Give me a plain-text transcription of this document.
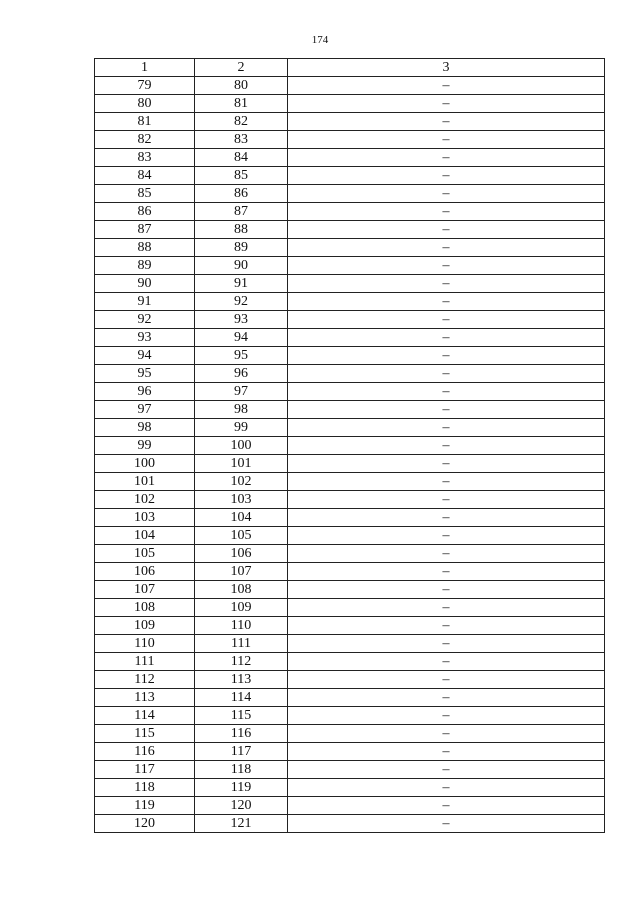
174
1	2	3
79	80	–
80	81	–
81	82	–
82	83	–
83	84	–
84	85	–
85	86	–
86	87	–
87	88	–
88	89	–
89	90	–
90	91	–
91	92	–
92	93	–
93	94	–
94	95	–
95	96	–
96	97	–
97	98	–
98	99	–
99	100	–
100	101	–
101	102	–
102	103	–
103	104	–
104	105	–
105	106	–
106	107	–
107	108	–
108	109	–
109	110	–
110	111	–
111	112	–
112	113	–
113	114	–
114	115	–
115	116	–
116	117	–
117	118	–
118	119	–
119	120	–
120	121	–
